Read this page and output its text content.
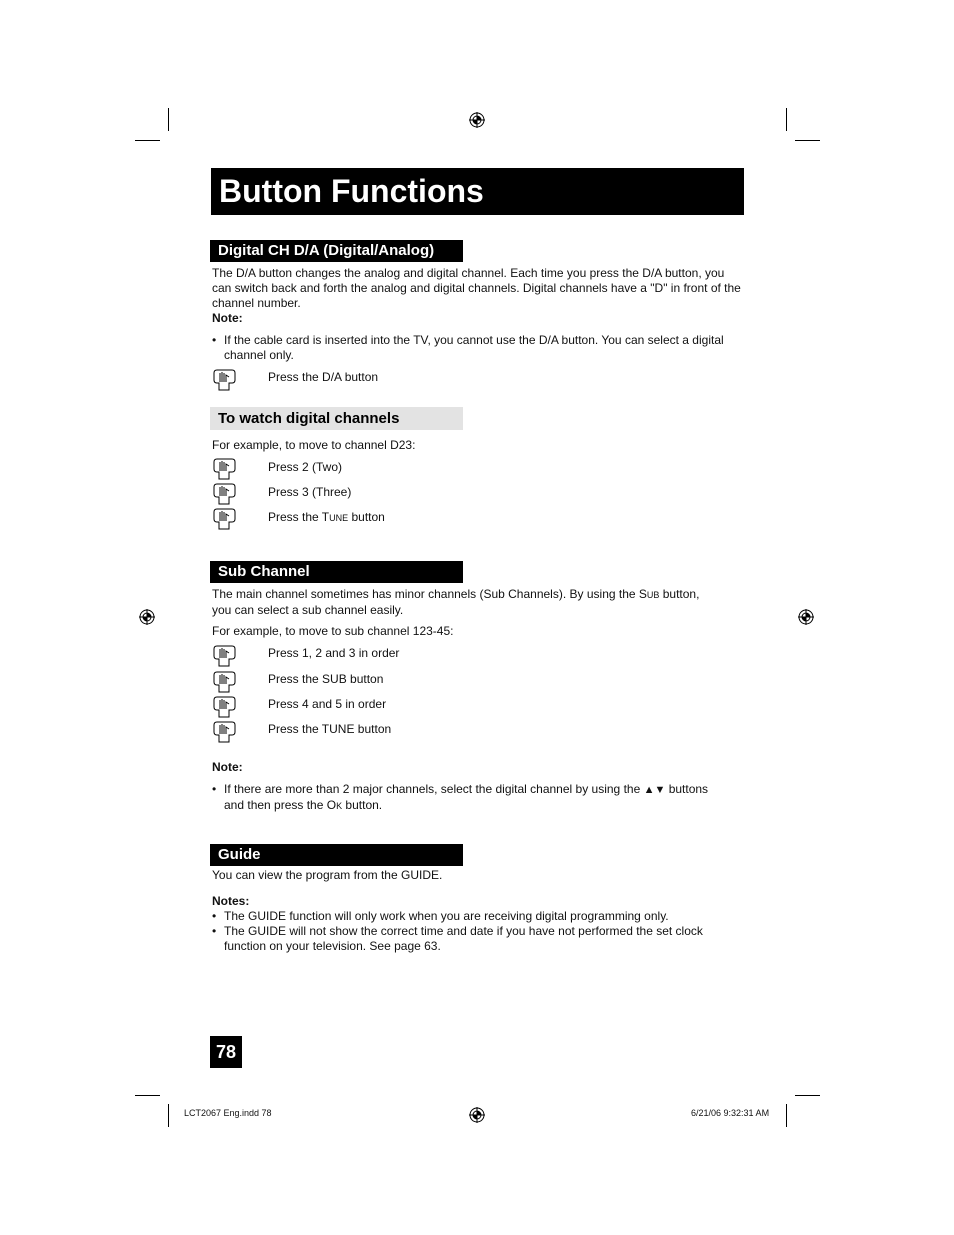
Button Functions
Digital CH D/A (Digital/Analog)
The D/A button changes the analog and digital channel. Each time you press the D/A button, you can switch back and forth the analog and digital channels. Digital channels have a "D" in front of the channel number.
Note:
• If the cable card is inserted into the TV, you cannot use the D/A button. You can select a digital channel only.
Press the D/A button
To watch digital channels
For example, to move to channel D23:
Press 2 (Two)
Press 3 (Three)
Press the TUNE button
Sub Channel
The main channel sometimes has minor channels (Sub Channels). By using the SUB button,
you can select a sub channel easily.
For example, to move to sub channel 123-45:
Press 1, 2 and 3 in order
Press the SUB button
Press 4 and 5 in order
Press the TUNE button
Note:
• If there are more than 2 major channels, select the digital channel by using the ▲▼ buttons
and then press the OK button.
Guide
You can view the program from the GUIDE.
Notes:
• The GUIDE function will only work when you are receiving digital programming only.
• The GUIDE will not show the correct time and date if you have not performed the set clock function on your television. See page 63.
78
LCT2067 Eng.indd 78	6/21/06 9:32:31 AM
